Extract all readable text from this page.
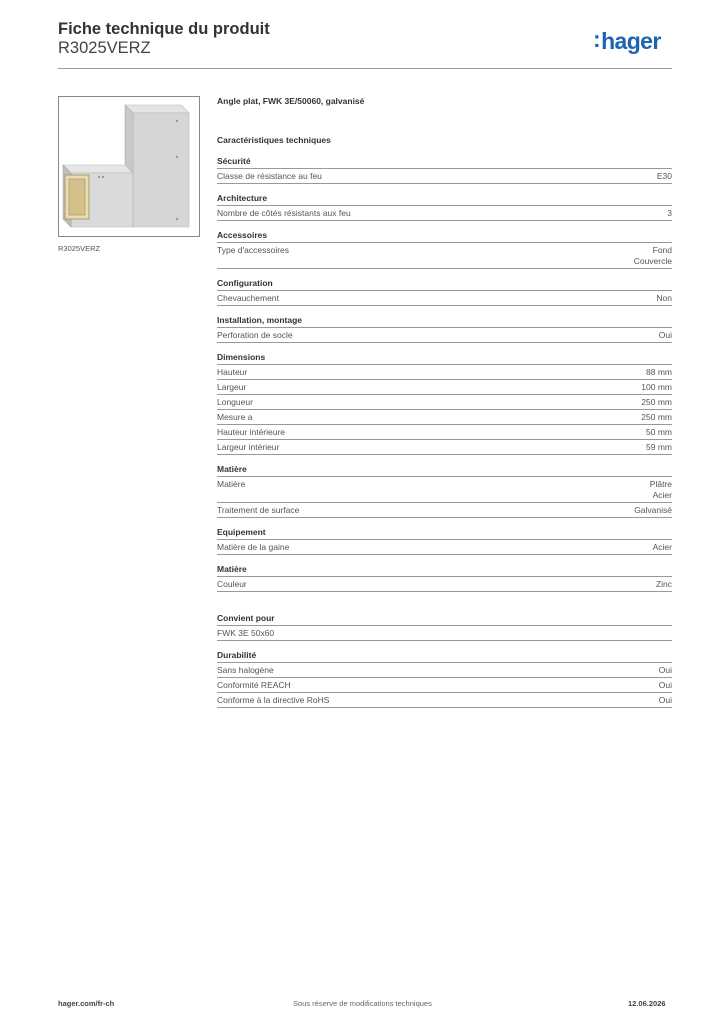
Fiche technique du produit
R3025VERZ	:hager
R3025VERZ
Angle plat, FWK 3E/50060, galvanisé
Caractéristiques techniques
Sécurité
Classe de résistance au feu	E30
Architecture
Nombre de côtés résistants aux feu	3
Accessoires
Type d'accessoires	Fond
Couvercle
Configuration
Chevauchement	Non
Installation, montage
Perforation de socle	Oui
Dimensions
Hauteur	88 mm
Largeur	100 mm
Longueur	250 mm
Mesure a	250 mm
Hauteur intérieure	50 mm
Largeur intérieur	59 mm
Matière
Matière	Plâtre
Acier
Traitement de surface	Galvanisé
Equipement
Matière de la gaine	Acier
Matière
Couleur	Zinc
Convient pour
FWK 3E 50x60
Durabilité
Sans halogène	Oui
Conformité REACH	Oui
Conforme à la directive RoHS	Oui
hager.com/fr-ch	Sous réserve de modifications techniques	12.06.2026
